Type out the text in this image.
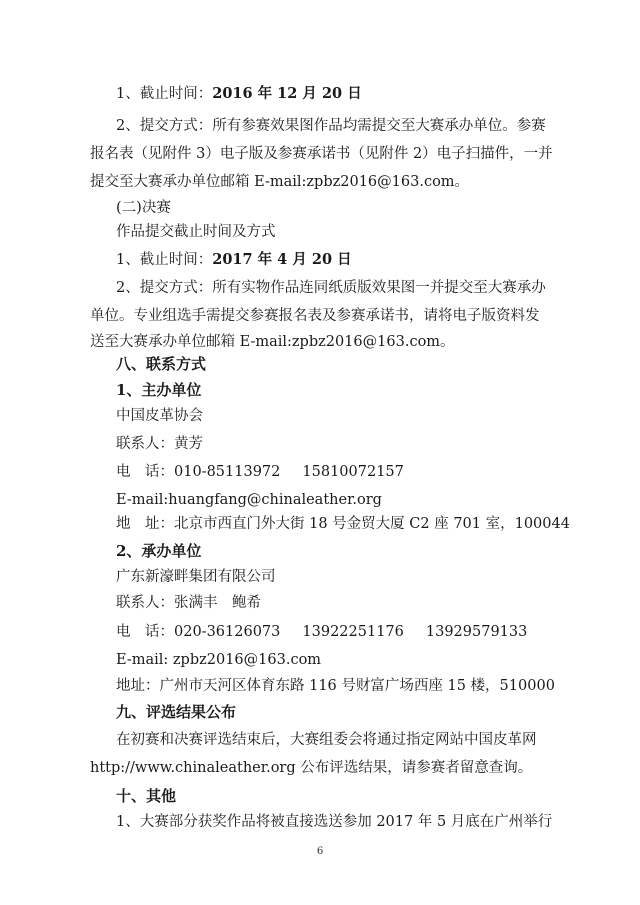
1、截止时间：2016 年 12 月 20 日
2、提交方式：所有参赛效果图作品均需提交至大赛承办单位。参赛
报名表（见附件 3）电子版及参赛承诺书（见附件 2）电子扫描件，一并
提交至大赛承办单位邮箱 E-mail:zpbz2016@163.com。
(二)决赛
作品提交截止时间及方式
1、截止时间：2017 年 4 月 20 日
2、提交方式：所有实物作品连同纸质版效果图一并提交至大赛承办
单位。专业组选手需提交参赛报名表及参赛承诺书，请将电子版资料发
送至大赛承办单位邮箱 E-mail:zpbz2016@163.com。
八、联系方式
1、主办单位
中国皮革协会
联系人：黄芳
电　话：010-85113972 15810072157
E-mail:huangfang@chinaleather.org
地　址：北京市西直门外大街 18 号金贸大厦 C2 座 701 室，100044
2、承办单位
广东新濠畔集团有限公司
联系人：张满丰　鲍希
电　话：020-36126073 13922251176 13929579133
E-mail: zpbz2016@163.com
地址：广州市天河区体育东路 116 号财富广场西座 15 楼，510000
九、评选结果公布
在初赛和决赛评选结束后，大赛组委会将通过指定网站中国皮革网
http://www.chinaleather.org 公布评选结果，请参赛者留意查询。
十、其他
1、大赛部分获奖作品将被直接选送参加 2017 年 5 月底在广州举行
6
